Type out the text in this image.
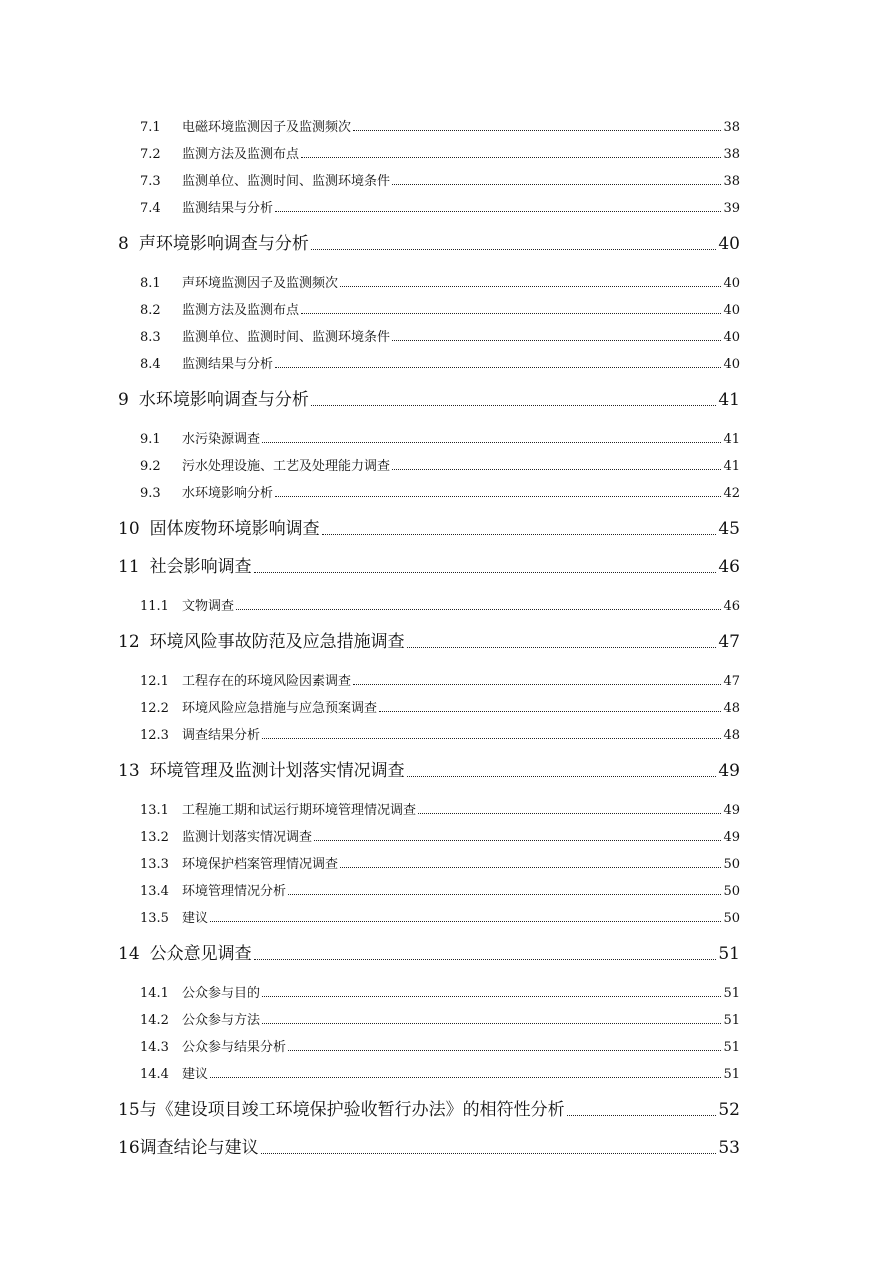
7.1	电磁环境监测因子及监测频次	38
7.2	监测方法及监测布点	38
7.3	监测单位、监测时间、监测环境条件	38
7.4	监测结果与分析	39
8 声环境影响调查与分析	40
8.1	声环境监测因子及监测频次	40
8.2	监测方法及监测布点	40
8.3	监测单位、监测时间、监测环境条件	40
8.4	监测结果与分析	40
9 水环境影响调查与分析	41
9.1	水污染源调查	41
9.2	污水处理设施、工艺及处理能力调查	41
9.3	水环境影响分析	42
10 固体废物环境影响调查	45
11 社会影响调查	46
11.1	文物调查	46
12 环境风险事故防范及应急措施调查	47
12.1	工程存在的环境风险因素调查	47
12.2	环境风险应急措施与应急预案调查	48
12.3	调查结果分析	48
13 环境管理及监测计划落实情况调查	49
13.1	工程施工期和试运行期环境管理情况调查	49
13.2	监测计划落实情况调查	49
13.3	环境保护档案管理情况调查	50
13.4	环境管理情况分析	50
13.5	建议	50
14 公众意见调查	51
14.1	公众参与目的	51
14.2	公众参与方法	51
14.3	公众参与结果分析	51
14.4	建议	51
15 与《建设项目竣工环境保护验收暂行办法》的相符性分析	52
16 调查结论与建议	53
